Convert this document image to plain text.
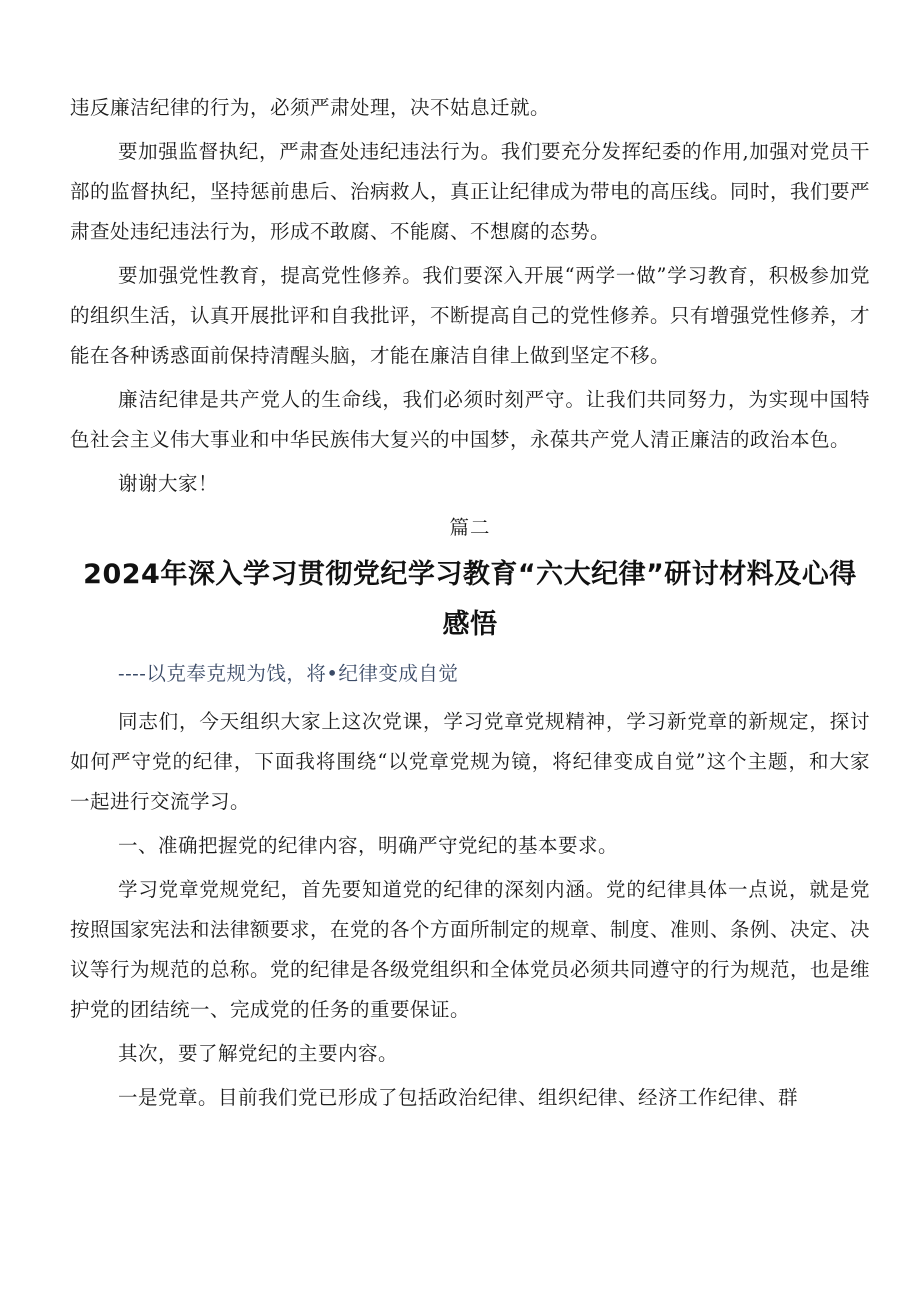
违反廉洁纪律的行为，必须严肃处理，决不姑息迁就。

要加强监督执纪，严肃查处违纪违法行为。我们要充分发挥纪委的作用,加强对党员干部的监督执纪，坚持惩前患后、治病救人，真正让纪律成为带电的高压线。同时，我们要严肃查处违纪违法行为，形成不敢腐、不能腐、不想腐的态势。

要加强党性教育，提高党性修养。我们要深入开展“两学一做”学习教育，积极参加党的组织生活，认真开展批评和自我批评，不断提高自己的党性修养。只有增强党性修养，才能在各种诱惑面前保持清醒头脑，才能在廉洁自律上做到坚定不移。

廉洁纪律是共产党人的生命线，我们必须时刻严守。让我们共同努力，为实现中国特色社会主义伟大事业和中华民族伟大复兴的中国梦，永葆共产党人清正廉洁的政治本色。

谢谢大家！

篇二
2024年深入学习贯彻党纪学习教育“六大纪律”研讨材料及心得感悟

----以克奉克规为饯，将•纪律变成自觉

同志们，今天组织大家上这次党课，学习党章党规精神，学习新党章的新规定，探讨如何严守党的纪律，下面我将围绕“以党章党规为镜，将纪律变成自觉”这个主题，和大家一起进行交流学习。

一、准确把握党的纪律内容，明确严守党纪的基本要求。

学习党章党规党纪，首先要知道党的纪律的深刻内涵。党的纪律具体一点说，就是党按照国家宪法和法律额要求，在党的各个方面所制定的规章、制度、准则、条例、决定、决议等行为规范的总称。党的纪律是各级党组织和全体党员必须共同遵守的行为规范，也是维护党的团结统一、完成党的任务的重要保证。

其次，要了解党纪的主要内容。

一是党章。目前我们党已形成了包括政治纪律、组织纪律、经济工作纪律、群
